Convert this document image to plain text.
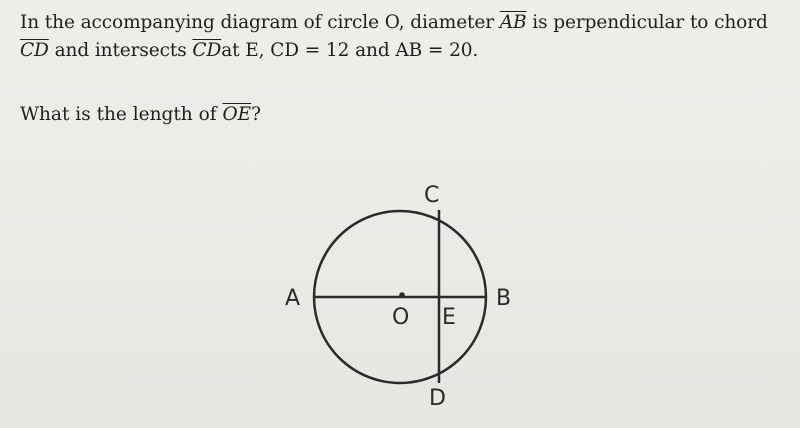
In the accompanying diagram of circle O, diameter $\overline{AB}$ is perpendicular to chord
$\overline{CD}$ and intersects $\overline{CD}at$ E, CD = 12 and AB = 20.
What is the length of $\overline{OE}$?
A	B
C
D
O E
